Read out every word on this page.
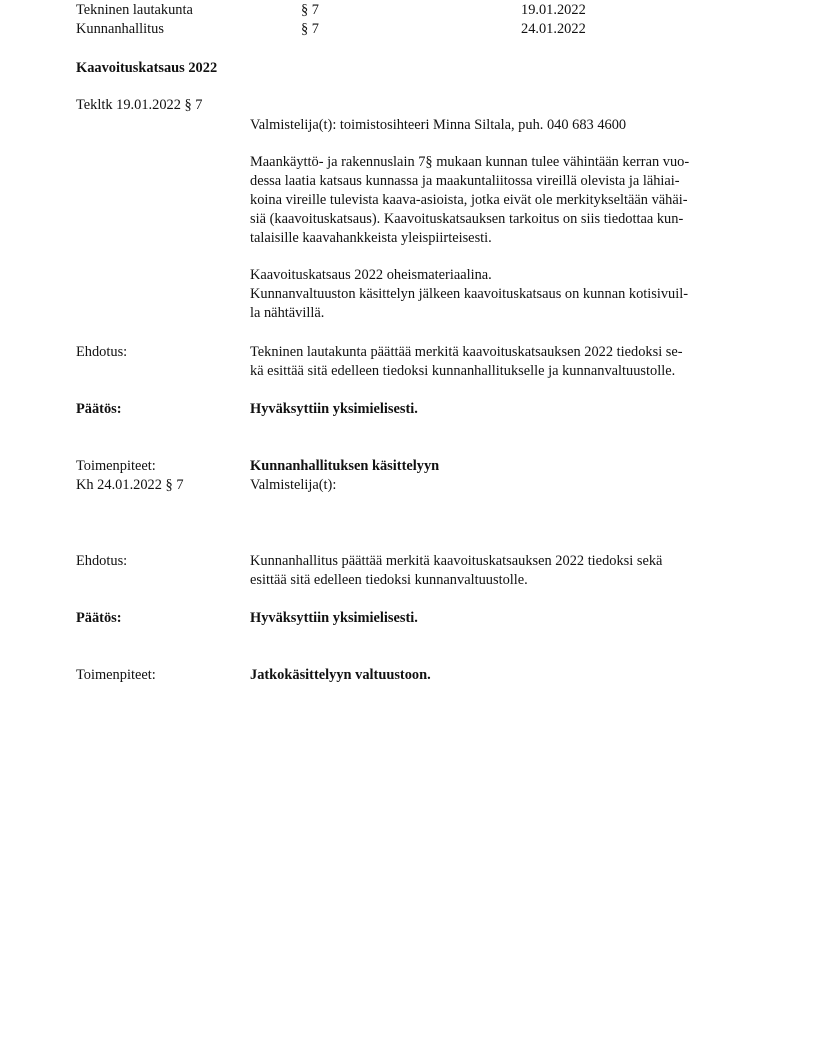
Tekninen lautakunta	§ 7	19.01.2022
Kunnanhallitus	§ 7	24.01.2022
Kaavoituskatsaus 2022
Tekltk 19.01.2022 § 7
Valmistelija(t): toimistosihteeri Minna Siltala, puh. 040 683 4600
Maankäyttö- ja rakennuslain 7§ mukaan kunnan tulee vähintään kerran vuo-
dessa laatia katsaus kunnassa ja maakuntaliitossa vireillä olevista ja lähiai-
koina vireille tulevista kaava-asioista, jotka eivät ole merkitykseltään vähäi-
siä (kaavoituskatsaus). Kaavoituskatsauksen tarkoitus on siis tiedottaa kun-
talaisille kaavahankkeista yleispiirteisesti.
Kaavoituskatsaus 2022 oheismateriaalina.
Kunnanvaltuuston käsittelyn jälkeen kaavoituskatsaus on kunnan kotisivuil-
la nähtävillä.
Ehdotus:	Tekninen lautakunta päättää merkitä kaavoituskatsauksen 2022 tiedoksi se-
kä esittää sitä edelleen tiedoksi kunnanhallitukselle ja kunnanvaltuustolle.
Päätös:	Hyväksyttiin yksimielisesti.
Toimenpiteet:	Kunnanhallituksen käsittelyyn
Kh 24.01.2022 § 7	Valmistelija(t):
Ehdotus:	Kunnanhallitus päättää merkitä kaavoituskatsauksen 2022 tiedoksi sekä
esittää sitä edelleen tiedoksi kunnanvaltuustolle.
Päätös:	Hyväksyttiin yksimielisesti.
Toimenpiteet:	Jatkokäsittelyyn valtuustoon.
